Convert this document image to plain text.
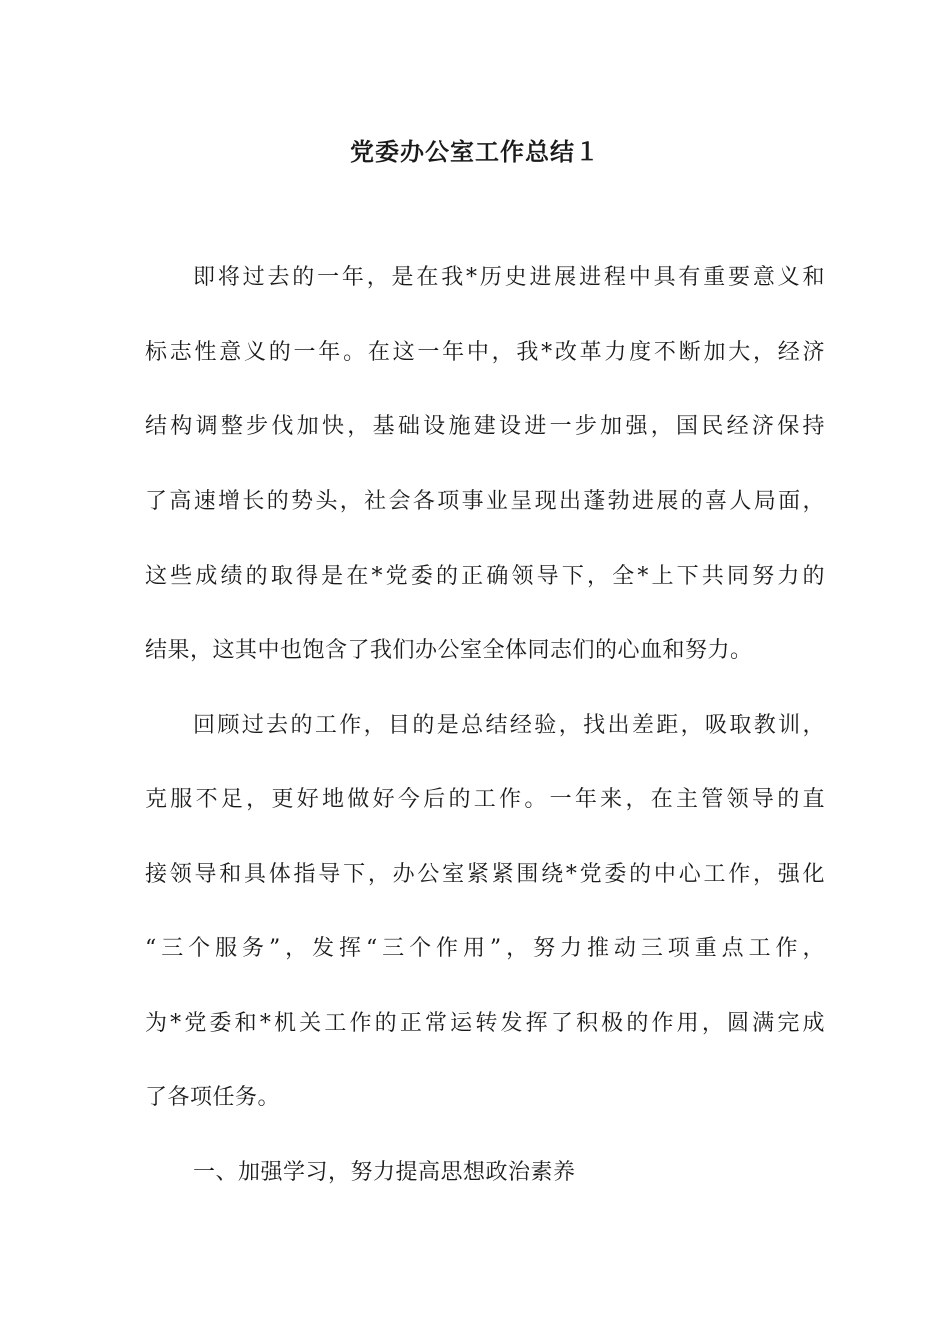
党委办公室工作总结１
即将过去的一年，是在我*历史进展进程中具有重要意义和
标志性意义的一年。在这一年中，我*改革力度不断加大，经济
结构调整步伐加快，基础设施建设进一步加强，国民经济保持
了高速增长的势头，社会各项事业呈现出蓬勃进展的喜人局面，
这些成绩的取得是在*党委的正确领导下，全*上下共同努力的
结果，这其中也饱含了我们办公室全体同志们的心血和努力。
回顾过去的工作，目的是总结经验，找出差距，吸取教训，
克服不足，更好地做好今后的工作。一年来，在主管领导的直
接领导和具体指导下，办公室紧紧围绕*党委的中心工作，强化
“三个服务”，发挥“三个作用”，努力推动三项重点工作，
为*党委和*机关工作的正常运转发挥了积极的作用，圆满完成
了各项任务。
一、加强学习，努力提高思想政治素养
